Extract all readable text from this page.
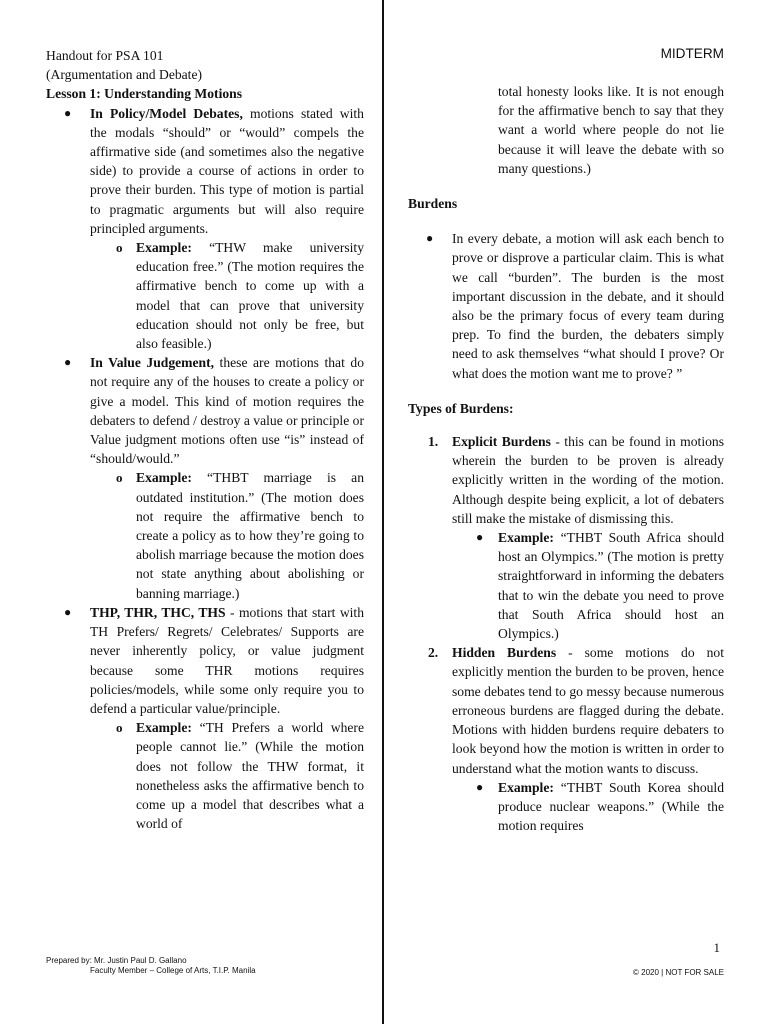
MIDTERM

Handout for PSA 101

(Argumentation and Debate)

Lesson 1: Understanding Motions

● In Policy/Model Debates, motions stated with the modals “should” or “would” compels the affirmative side (and sometimes also the negative side) to provide a course of actions in order to prove their burden. This type of motion is partial to pragmatic arguments but will also require principled arguments.
o Example: “THW make university education free.” (The motion requires the affirmative bench to come up with a model that can prove that university education should not only be free, but also feasible.)
● In Value Judgement, these are motions that do not require any of the houses to create a policy or give a model. This kind of motion requires the debaters to defend / destroy a value or principle or Value judgment motions often use “is” instead of “should/would.”
o Example: “THBT marriage is an outdated institution.” (The motion does not require the affirmative bench to create a policy as to how they’re going to abolish marriage because the motion does not state anything about abolishing or banning marriage.)
● THP, THR, THC, THS - motions that start with TH Prefers/ Regrets/ Celebrates/ Supports are never inherently policy, or value judgment because some THR motions requires policies/models, while some only require you to defend a particular value/principle.
o Example: “TH Prefers a world where people cannot lie.” (While the motion does not follow the THW format, it nonetheless asks the affirmative bench to come up a model that describes what a world of

total honesty looks like. It is not enough for the affirmative bench to say that they want a world where people do not lie because it will leave the debate with so many questions.)

Burdens

● In every debate, a motion will ask each bench to prove or disprove a particular claim. This is what we call “burden”. The burden is the most important discussion in the debate, and it should also be the primary focus of every team during prep. To find the burden, the debaters simply need to ask themselves “what should I prove? Or what does the motion want me to prove? ”

Types of Burdens:

1. Explicit Burdens - this can be found in motions wherein the burden to be proven is already explicitly written in the wording of the motion. Although despite being explicit, a lot of debaters still make the mistake of dismissing this.
● Example: “THBT South Africa should host an Olympics.” (The motion is pretty straightforward in informing the debaters that to win the debate you need to prove that South Africa should host an Olympics.)
2. Hidden Burdens - some motions do not explicitly mention the burden to be proven, hence some debates tend to go messy because numerous erroneous burdens are flagged during the debate. Motions with hidden burdens require debaters to look beyond how the motion is written in order to understand what the motion wants to discuss.
● Example: “THBT South Korea should produce nuclear weapons.” (While the motion requires
1
Prepared by: Mr. Justin Paul D. Gallano
Faculty Member – College of Arts, T.I.P. Manila	© 2020 | NOT FOR SALE
